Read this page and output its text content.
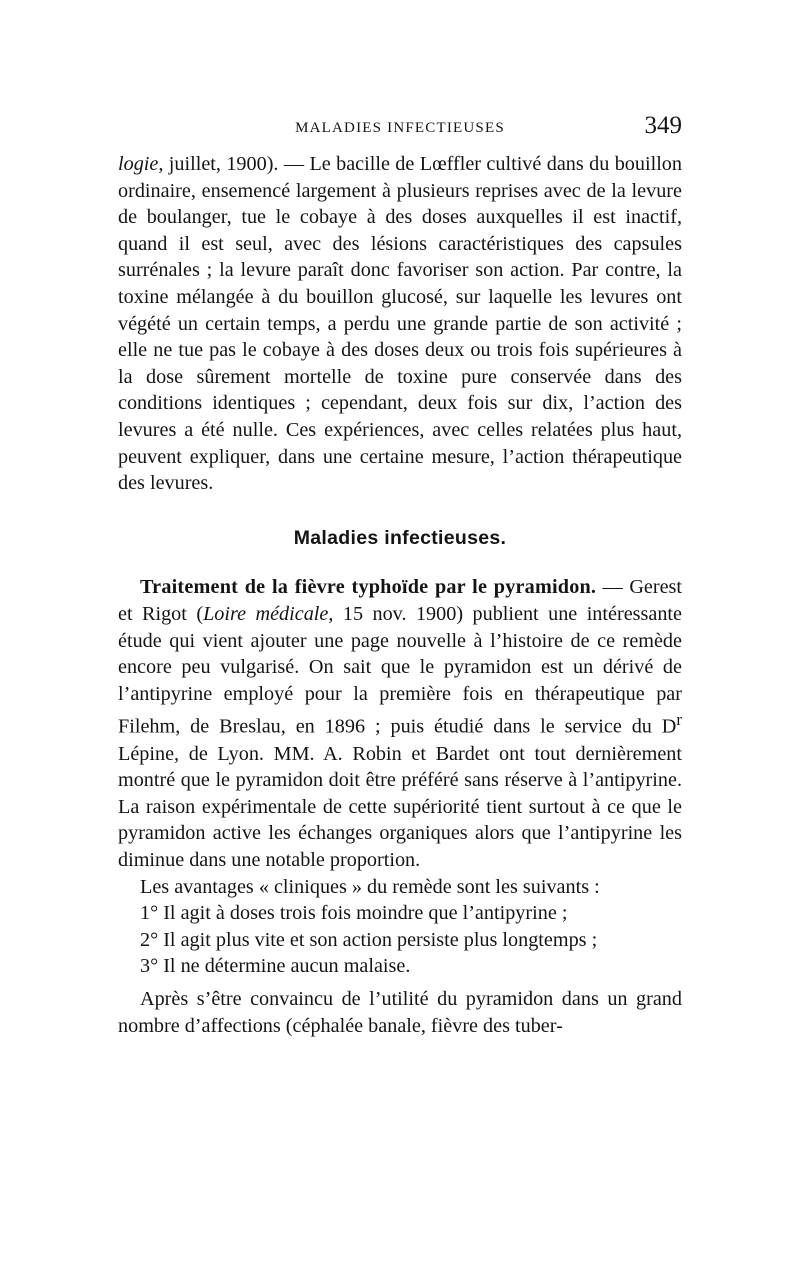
MALADIES INFECTIEUSES	349

logie, juillet, 1900). — Le bacille de Lœffler cultivé dans du bouillon ordinaire, ensemencé largement à plusieurs reprises avec de la levure de boulanger, tue le cobaye à des doses auxquelles il est inactif, quand il est seul, avec des lésions caractéristiques des capsules surrénales ; la levure paraît donc favoriser son action. Par contre, la toxine mélangée à du bouillon glucosé, sur laquelle les levures ont végété un certain temps, a perdu une grande partie de son activité ; elle ne tue pas le cobaye à des doses deux ou trois fois supérieures à la dose sûrement mortelle de toxine pure conservée dans des conditions identiques ; cependant, deux fois sur dix, l’action des levures a été nulle. Ces expériences, avec celles relatées plus haut, peuvent expliquer, dans une certaine mesure, l’action thérapeutique des levures.

Maladies infectieuses.

Traitement de la fièvre typhoïde par le pyramidon. — Gerest et Rigot (Loire médicale, 15 nov. 1900) publient une intéressante étude qui vient ajouter une page nouvelle à l’histoire de ce remède encore peu vulgarisé. On sait que le pyramidon est un dérivé de l’antipyrine employé pour la première fois en thérapeutique par Filehm, de Breslau, en 1896 ; puis étudié dans le service du $D^r$ Lépine, de Lyon. MM. A. Robin et Bardet ont tout dernièrement montré que le pyramidon doit être préféré sans réserve à l’antipyrine. La raison expérimentale de cette supériorité tient surtout à ce que le pyramidon active les échanges organiques alors que l’antipyrine les diminue dans une notable proportion.

Les avantages « cliniques » du remède sont les suivants :

1° Il agit à doses trois fois moindre que l’antipyrine ;

2° Il agit plus vite et son action persiste plus longtemps ;

3° Il ne détermine aucun malaise.

Après s’être convaincu de l’utilité du pyramidon dans un grand nombre d’affections (céphalée banale, fièvre des tuber-
